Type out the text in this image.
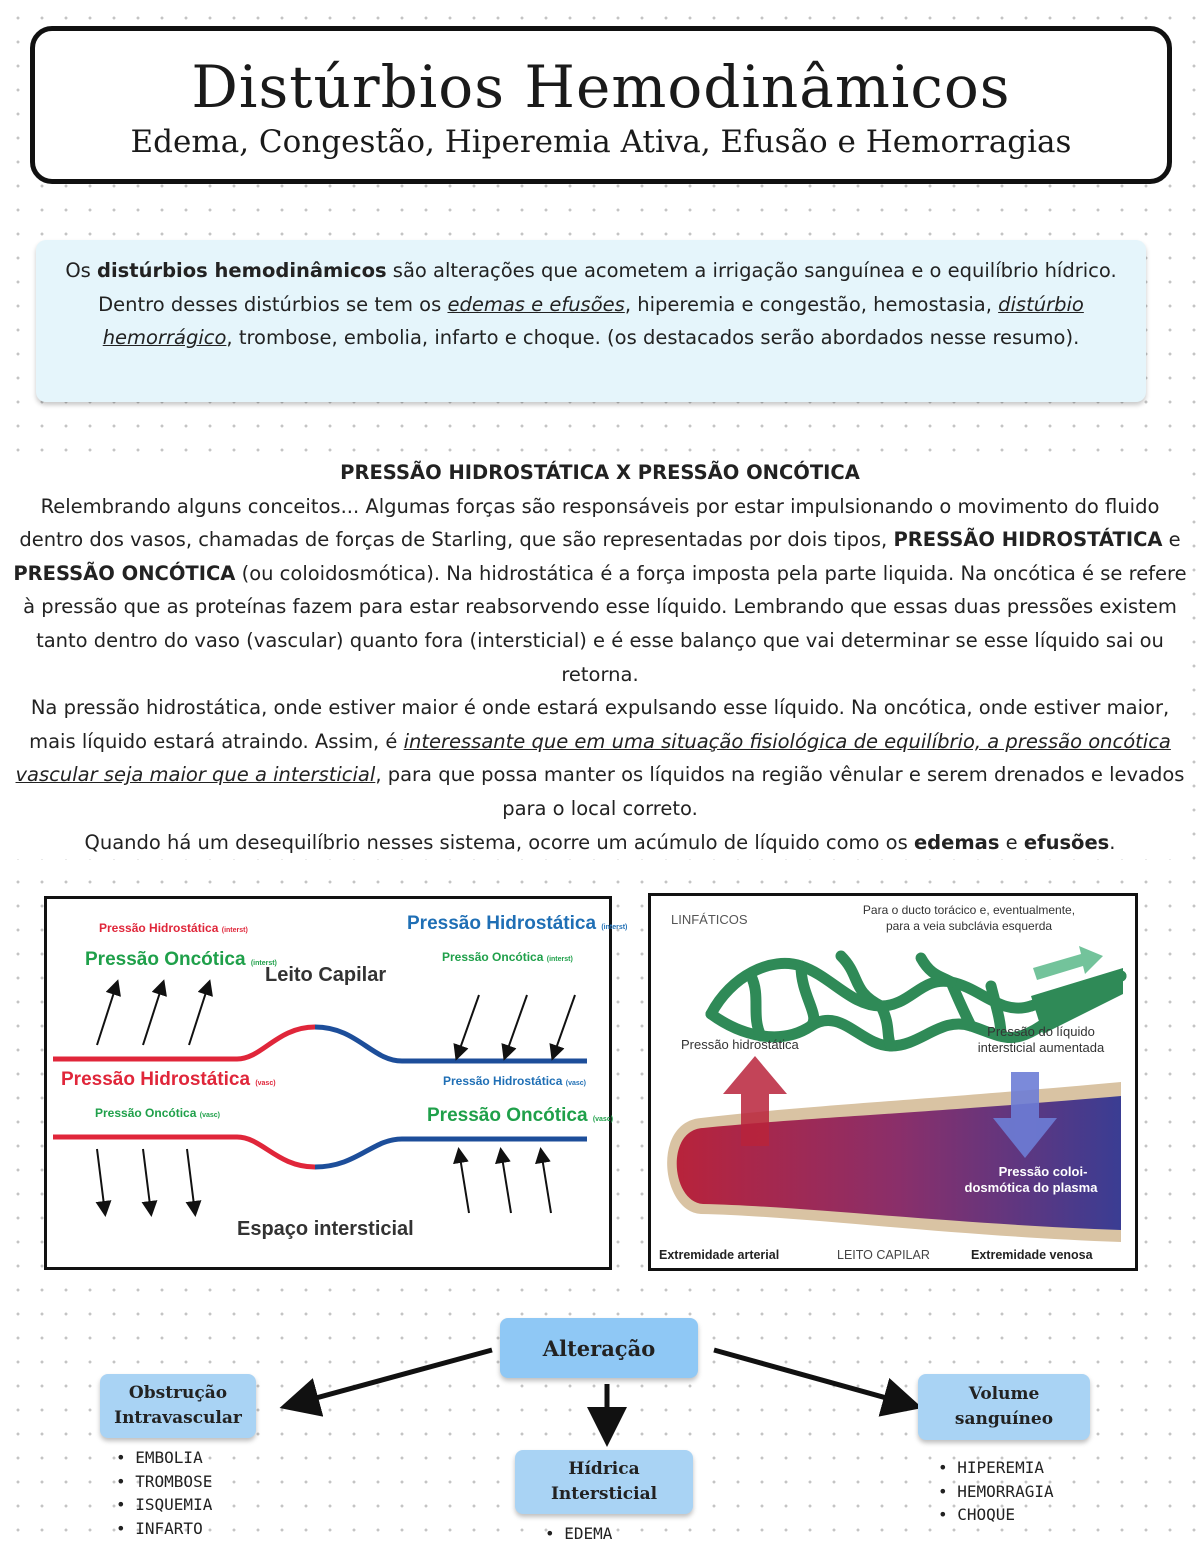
Distúrbios Hemodinâmicos
Edema, Congestão, Hiperemia Ativa, Efusão e Hemorragias
Os distúrbios hemodinâmicos são alterações que acometem a irrigação sanguínea e o equilíbrio hídrico. Dentro desses distúrbios se tem os edemas e efusões, hiperemia e congestão, hemostasia, distúrbio hemorrágico, trombose, embolia, infarto e choque. (os destacados serão abordados nesse resumo).

PRESSÃO HIDROSTÁTICA X PRESSÃO ONCÓTICA

Relembrando alguns conceitos... Algumas forças são responsáveis por estar impulsionando o movimento do fluido dentro dos vasos, chamadas de forças de Starling, que são representadas por dois tipos, PRESSÃO HIDROSTÁTICA e PRESSÃO ONCÓTICA (ou coloidosmótica). Na hidrostática é a força imposta pela parte liquida. Na oncótica é se refere à pressão que as proteínas fazem para estar reabsorvendo esse líquido. Lembrando que essas duas pressões existem tanto dentro do vaso (vascular) quanto fora (intersticial) e é esse balanço que vai determinar se esse líquido sai ou retorna.

Na pressão hidrostática, onde estiver maior é onde estará expulsando esse líquido. Na oncótica, onde estiver maior, mais líquido estará atraindo. Assim, é interessante que em uma situação fisiológica de equilíbrio, a pressão oncótica vascular seja maior que a intersticial, para que possa manter os líquidos na região vênular e serem drenados e levados para o local correto.

Quando há um desequilíbrio nesses sistema, ocorre um acúmulo de líquido como os edemas e efusões.

Pressão Hidrostática (interst)
Pressão Oncótica (interst)
Leito Capilar
Pressão Hidrostática (interst)
Pressão Oncótica (interst)
Pressão Hidrostática (vasc)
Pressão Oncótica (vasc)
Pressão Hidrostática (vasc)
Pressão Oncótica (vasc)
Espaço intersticial
LINFÁTICOS
Para o ducto torácico e, eventualmente,
para a veia subclávia esquerda
Pressão hidrostática
Pressão do líquido
intersticial aumentada
Pressão coloi-
dosmótica do plasma
Extremidade arterial	LEITO CAPILAR	Extremidade venosa
Alteração
Obstrução
Intravascular
• EMBOLIA
• TROMBOSE
• ISQUEMIA
• INFARTO
Hídrica
Intersticial
• EDEMA
Volume
sanguíneo
• HIPEREMIA
• HEMORRAGIA
• CHOQUE
